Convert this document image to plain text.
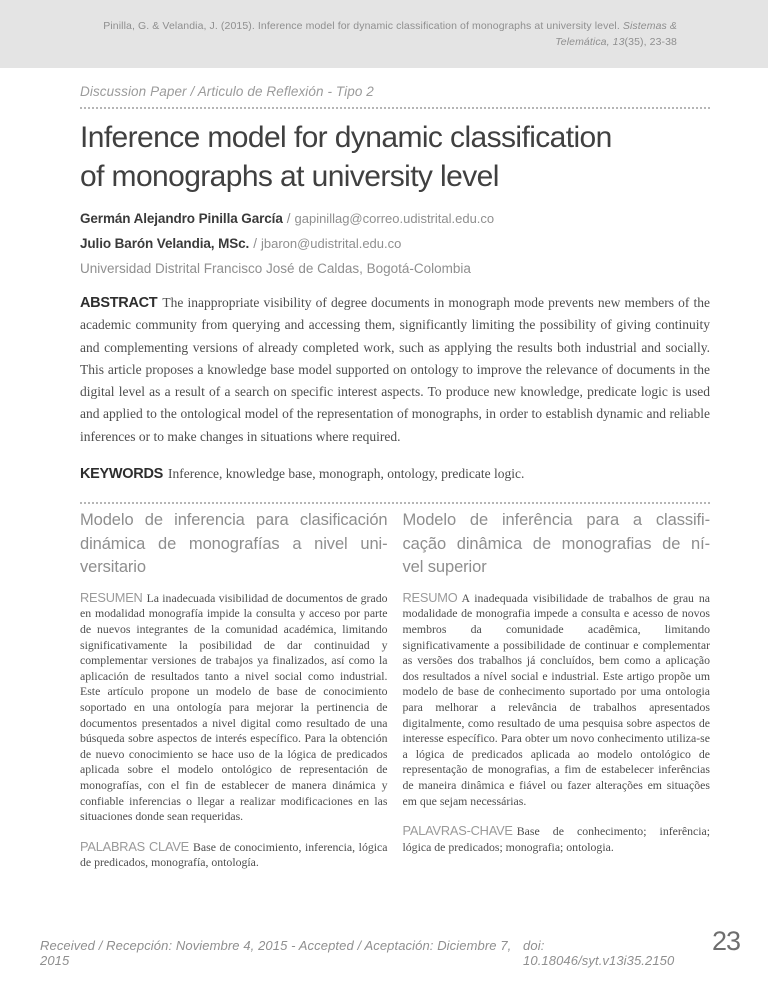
Pinilla, G. & Velandia, J. (2015). Inference model for dynamic classification of monographs at university level. Sistemas & Telemática, 13(35), 23-38

Discussion Paper / Articulo de Reflexión - Tipo 2

Inference model for dynamic classification
of monographs at university level

Germán Alejandro Pinilla García / gapinillag@correo.udistrital.edu.co

Julio Barón Velandia, MSc. / jbaron@udistrital.edu.co

Universidad Distrital Francisco José de Caldas, Bogotá-Colombia

ABSTRACT The inappropriate visibility of degree documents in monograph mode prevents new members of the academic community from querying and accessing them, significantly limiting the possibility of giving continuity and complementing versions of already completed work, such as applying the results both industrial and socially. This article proposes a knowledge base model supported on ontology to improve the relevance of documents in the digital level as a result of a search on specific interest aspects. To produce new knowledge, predicate logic is used and applied to the ontological model of the representation of monographs, in order to establish dynamic and reliable inferences or to make changes in situations where required.

KEYWORDS Inference, knowledge base, monograph, ontology, predicate logic.

Modelo de inferencia para clasificación
dinámica de monografías a nivel uni-
versitario

RESUMEN La inadecuada visibilidad de documentos de grado en modalidad monografía impide la consulta y acceso por parte de nuevos integrantes de la comunidad académica, limitando significativamente la posibilidad de dar continuidad y complementar versiones de trabajos ya finalizados, así como la aplicación de resultados tanto a nivel social como industrial. Este artículo propone un modelo de base de conocimiento soportado en una ontología para mejorar la pertinencia de documentos presentados a nivel digital como resultado de una búsqueda sobre aspectos de interés específico. Para la obtención de nuevo conocimiento se hace uso de la lógica de predicados aplicada sobre el modelo ontológico de representación de monografías, con el fin de establecer de manera dinámica y confiable inferencias o llegar a realizar modificaciones en las situaciones donde sean requeridas.

PALABRAS CLAVE Base de conocimiento, inferencia, lógica de predicados, monografía, ontología.

Modelo de inferência para a classifi-
cação dinâmica de monografias de ní-
vel superior

RESUMO A inadequada visibilidade de trabalhos de grau na modalidade de monografia impede a consulta e acesso de novos membros da comunidade acadêmica, limitando significativamente a possibilidade de continuar e complementar as versões dos trabalhos já concluídos, bem como a aplicação dos resultados a nível social e industrial. Este artigo propõe um modelo de base de conhecimento suportado por uma ontologia para melhorar a relevância de trabalhos apresentados digitalmente, como resultado de uma pesquisa sobre aspectos de interesse específico. Para obter um novo conhecimento utiliza-se a lógica de predicados aplicada ao modelo ontológico de representação de monografias, a fim de estabelecer inferências de maneira dinâmica e fiável ou fazer alterações em situações em que sejam necessárias.

PALAVRAS-CHAVE Base de conhecimento; inferência; lógica de predicados; monografia; ontologia.

Received / Recepción: Noviembre 4, 2015 - Accepted / Aceptación: Diciembre 7, 2015
doi: 10.18046/syt.v13i35.2150
23
